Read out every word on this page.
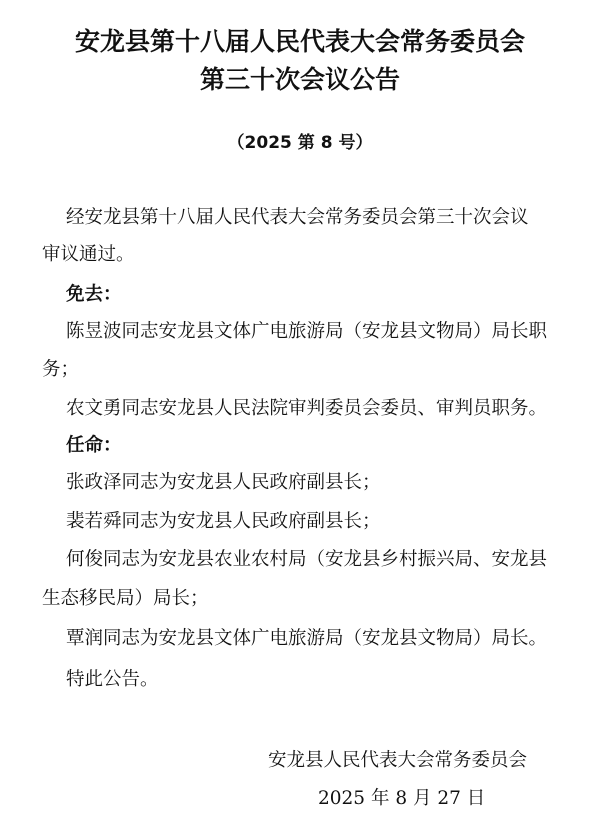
安龙县第十八届人民代表大会常务委员会
第三十次会议公告
（2025 第 8 号）
经安龙县第十八届人民代表大会常务委员会第三十次会议
审议通过。
免去：
陈昱波同志安龙县文体广电旅游局（安龙县文物局）局长职
务；
农文勇同志安龙县人民法院审判委员会委员、审判员职务。
任命：
张政泽同志为安龙县人民政府副县长；
裴若舜同志为安龙县人民政府副县长；
何俊同志为安龙县农业农村局（安龙县乡村振兴局、安龙县
生态移民局）局长；
覃润同志为安龙县文体广电旅游局（安龙县文物局）局长。
特此公告。
安龙县人民代表大会常务委员会
2025 年 8 月 27 日
